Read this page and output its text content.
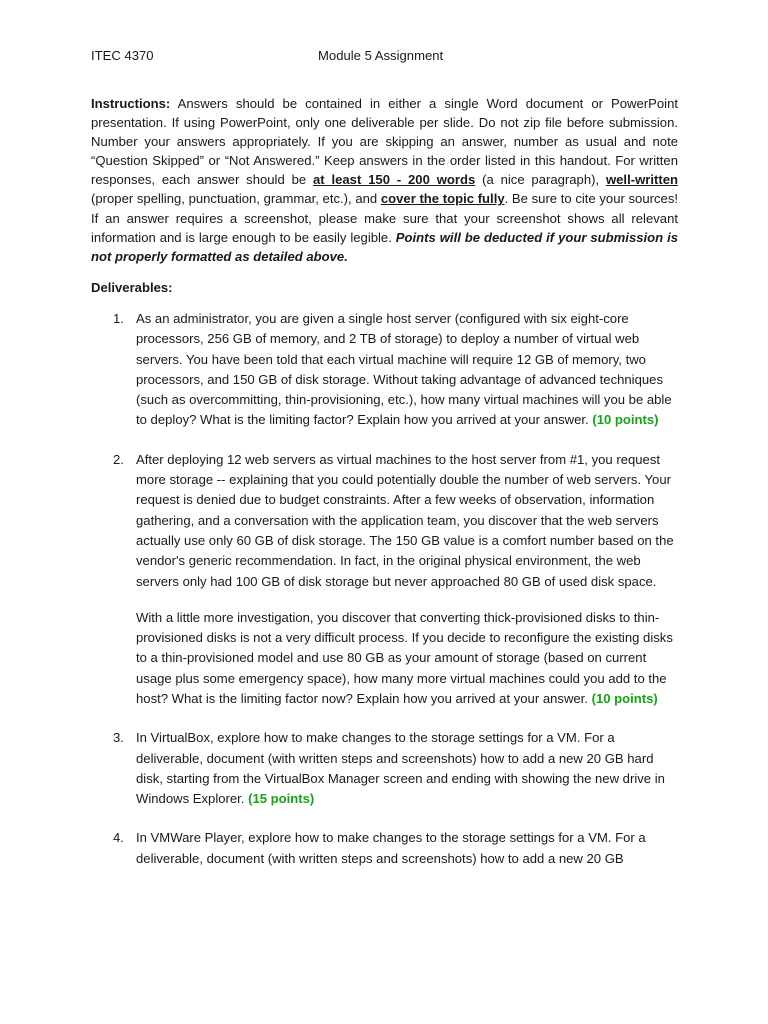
ITEC 4370	Module 5 Assignment

Instructions: Answers should be contained in either a single Word document or PowerPoint presentation. If using PowerPoint, only one deliverable per slide. Do not zip file before submission. Number your answers appropriately. If you are skipping an answer, number as usual and note “Question Skipped” or “Not Answered.” Keep answers in the order listed in this handout. For written responses, each answer should be at least 150 - 200 words (a nice paragraph), well-written (proper spelling, punctuation, grammar, etc.), and cover the topic fully. Be sure to cite your sources! If an answer requires a screenshot, please make sure that your screenshot shows all relevant information and is large enough to be easily legible. Points will be deducted if your submission is not properly formatted as detailed above.

Deliverables:
1. As an administrator, you are given a single host server (configured with six eight-core processors, 256 GB of memory, and 2 TB of storage) to deploy a number of virtual web servers. You have been told that each virtual machine will require 12 GB of memory, two processors, and 150 GB of disk storage. Without taking advantage of advanced techniques (such as overcommitting, thin-provisioning, etc.), how many virtual machines will you be able to deploy? What is the limiting factor? Explain how you arrived at your answer. (10 points)

2. After deploying 12 web servers as virtual machines to the host server from #1, you request more storage -- explaining that you could potentially double the number of web servers. Your request is denied due to budget constraints. After a few weeks of observation, information gathering, and a conversation with the application team, you discover that the web servers actually use only 60 GB of disk storage. The 150 GB value is a comfort number based on the vendor's generic recommendation. In fact, in the original physical environment, the web servers only had 100 GB of disk storage but never approached 80 GB of used disk space.

With a little more investigation, you discover that converting thick-provisioned disks to thin-provisioned disks is not a very difficult process. If you decide to reconfigure the existing disks to a thin-provisioned model and use 80 GB as your amount of storage (based on current usage plus some emergency space), how many more virtual machines could you add to the host? What is the limiting factor now? Explain how you arrived at your answer. (10 points)

3. In VirtualBox, explore how to make changes to the storage settings for a VM. For a deliverable, document (with written steps and screenshots) how to add a new 20 GB hard disk, starting from the VirtualBox Manager screen and ending with showing the new drive in Windows Explorer. (15 points)

4. In VMWare Player, explore how to make changes to the storage settings for a VM. For a deliverable, document (with written steps and screenshots) how to add a new 20 GB
